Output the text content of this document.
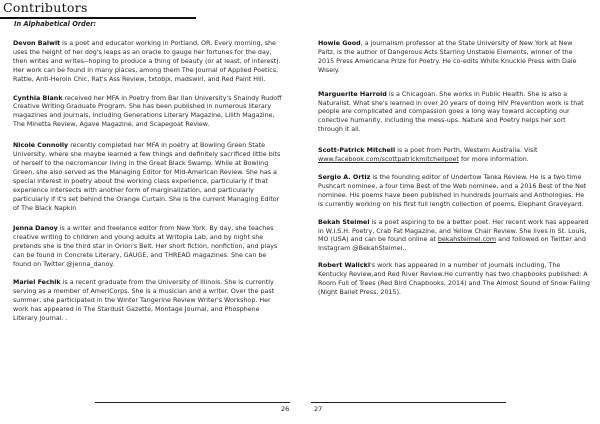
Contributors
In Alphabetical Order:

Devon Balwit is a poet and educator working in Portland, OR. Every morning, she uses the height of her dog's leaps as an oracle to gauge her fortunes for the day, then writes and writes--hoping to produce a thing of beauty (or at least, of interest). Her work can be found in many places, among them The Journal of Applied Poetics, Rattle, Anti-Heroin Chic, Rat's Ass Review, txtobjx, madswirl, and Red Paint Hill.

Cynthia Blank received her MFA in Poetry from Bar Ilan University's Shaindy Rudoff Creative Writing Graduate Program. She has been published in numerous literary magazines and journals, including Generations Literary Magazine, Lilith Magazine, The Minetta Review, Agave Magazine, and Scapegoat Review.

Nicole Connolly recently completed her MFA in poetry at Bowling Green State University, where she maybe learned a few things and definitely sacrificed little bits of herself to the necromancer living in the Great Black Swamp. While at Bowling Green, she also served as the Managing Editor for Mid-American Review. She has a special interest in poetry about the working class experience, particularly if that experience intersects with another form of marginalization, and particularly particularly if it's set behind the Orange Curtain. She is the current Managing Editor of The Black Napkin

Jenna Danoy is a writer and freelance editor from New York. By day, she teaches creative writing to children and young adults at Writopia Lab, and by night she pretends she is the third star in Orion's Belt. Her short fiction, nonfiction, and plays can be found in Concrete Literary, GAUGE, and THREAD magazines. She can be found on Twitter @jenna_danoy.

Mariel Fechik is a recent graduate from the University of Illinois. She is currently serving as a member of AmeriCorps. She is a musician and a writer. Over the past summer, she participated in the Winter Tangerine Review Writer's Workshop. Her work has appeared in The Stardust Gazette, Montage Journal, and Phosphene Literary Journal. .

Howie Good, a journalism professor at the State University of New York at New Paltz, is the author of Dangerous Acts Starring Unstable Elements, winner of the 2015 Press Americana Prize for Poetry. He co-edits White Knuckle Press with Dale Wisely.

Marguerite Harrold is a Chicagoan. She works in Public Health. She is also a Naturalist. What she's learned in over 20 years of doing HIV Prevention work is that people are complicated and compassion goes a long way toward accepting our collective humanity, including the mess-ups. Nature and Poetry helps her sort through it all.

Scott-Patrick Mitchell is a poet from Perth, Western Australia. Visit www.facebook.com/scottpatrickmitchellpoet for more information.

Sergio A. Ortiz is the founding editor of Undertow Tanka Review. He is a two time Pushcart nominee, a four time Best of the Web nominee, and a 2016 Best of the Net nominee. His poems have been published in hundreds Journals and Anthologies. He is currently working on his first full length collection of poems, Elephant Graveyard.

Bekah Steimel is a poet aspiring to be a better poet. Her recent work has appeared in W.I.S.H. Poetry, Crab Fat Magazine, and Yellow Chair Review. She lives in St. Louis, MO (USA) and can be found online at bekahsteimel.com and followed on Twitter and Instagram @BekahSteimel..

Robert Walicki's work has appeared in a number of journals including, The Kentucky Review,and Red River Review.He currently has two chapbooks published: A Room Full of Trees (Red Bird Chapbooks, 2014) and The Almost Sound of Snow Falling (Night Ballet Press, 2015).

26	27
